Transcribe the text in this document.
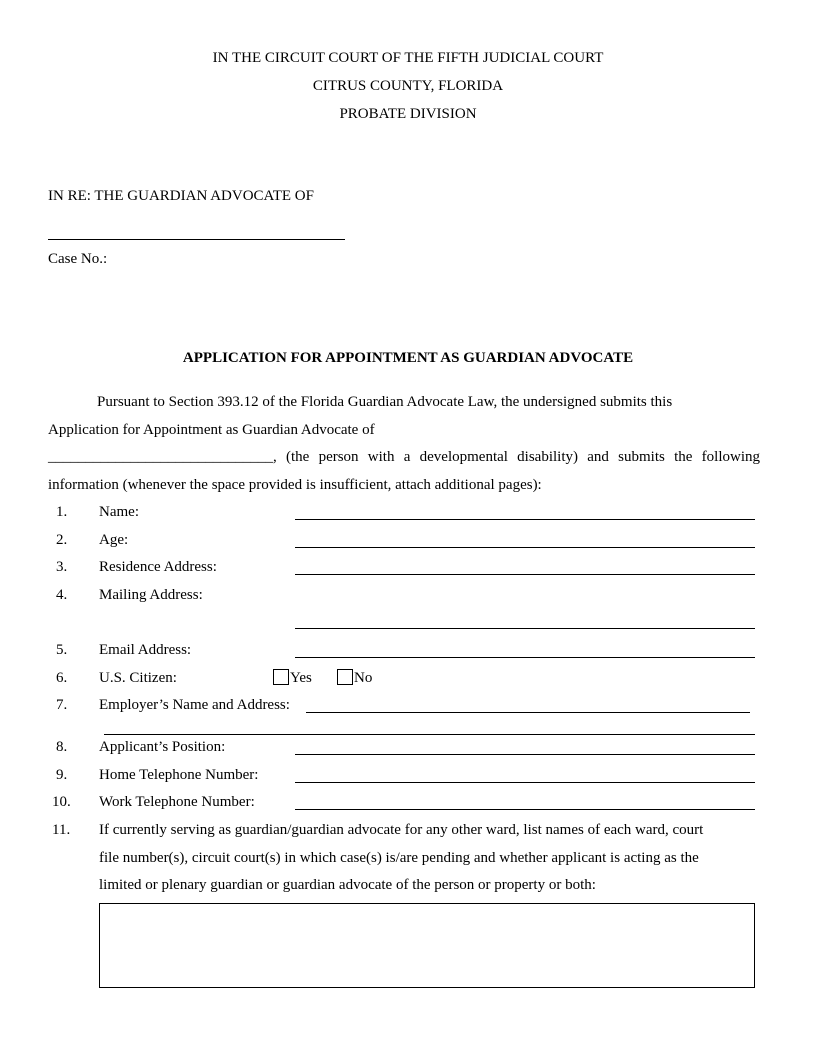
IN THE CIRCUIT COURT OF THE FIFTH JUDICIAL COURT
CITRUS COUNTY, FLORIDA
PROBATE DIVISION
IN RE: THE GUARDIAN ADVOCATE OF
Case No.:
APPLICATION FOR APPOINTMENT AS GUARDIAN ADVOCATE
Pursuant to Section 393.12 of the Florida Guardian Advocate Law, the undersigned submits this
Application for Appointment as Guardian Advocate of
______________________________, (the person with a developmental disability) and submits the following
information (whenever the space provided is insufficient, attach additional pages):
1. Name:
2. Age:
3. Residence Address:
4. Mailing Address:
5. Email Address:
6. U.S. Citizen:	Yes	No
7. Employer’s Name and Address:
8. Applicant’s Position:
9. Home Telephone Number:
10. Work Telephone Number:
11. If currently serving as guardian/guardian advocate for any other ward, list names of each ward, court
file number(s), circuit court(s) in which case(s) is/are pending and whether applicant is acting as the
limited or plenary guardian or guardian advocate of the person or property or both:
